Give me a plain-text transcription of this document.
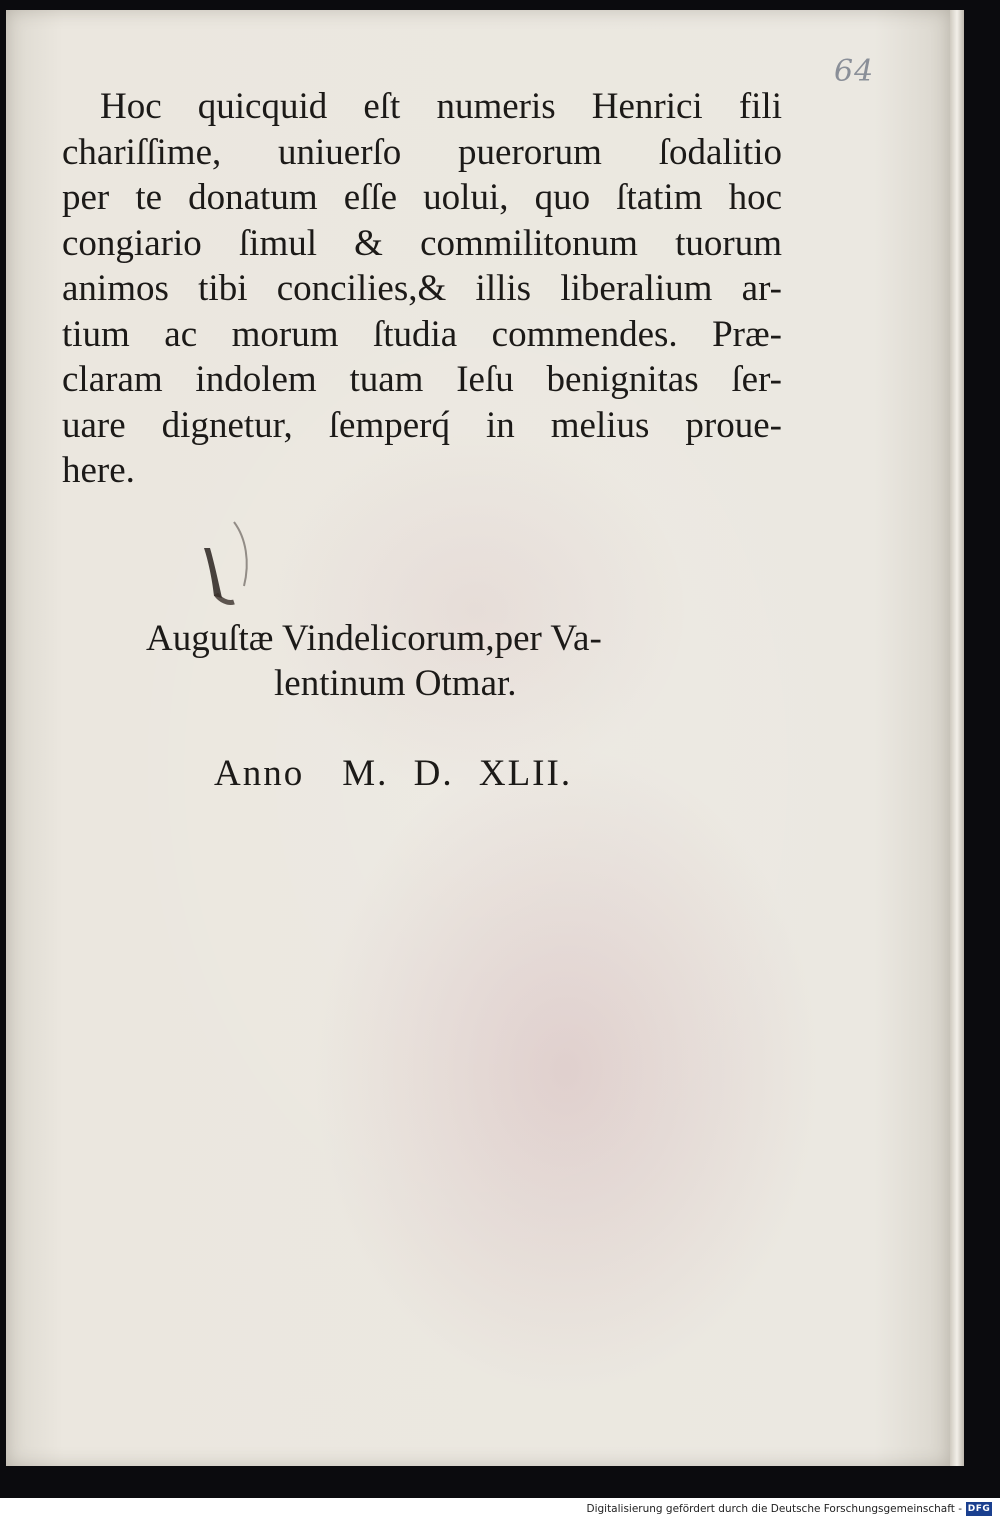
64
Hoc quicquid eſt numeris Henrici fili
chariſſime, uniuerſo puerorum ſodalitio
per te donatum eſſe uolui, quo ſtatim hoc
congiario ſimul & commilitonum tuorum
animos tibi concilies,& illis liberalium ar-
tium ac morum ſtudia commendes. Præ-
claram indolem tuam Ieſu benignitas ſer-
uare dignetur, ſemperq́ in melius proue-
here.
Auguſtæ Vindelicorum,per Va-
lentinum Otmar.
Anno M. D. XLII.
Digitalisierung gefördert durch die Deutsche Forschungsgemeinschaft - DFG
